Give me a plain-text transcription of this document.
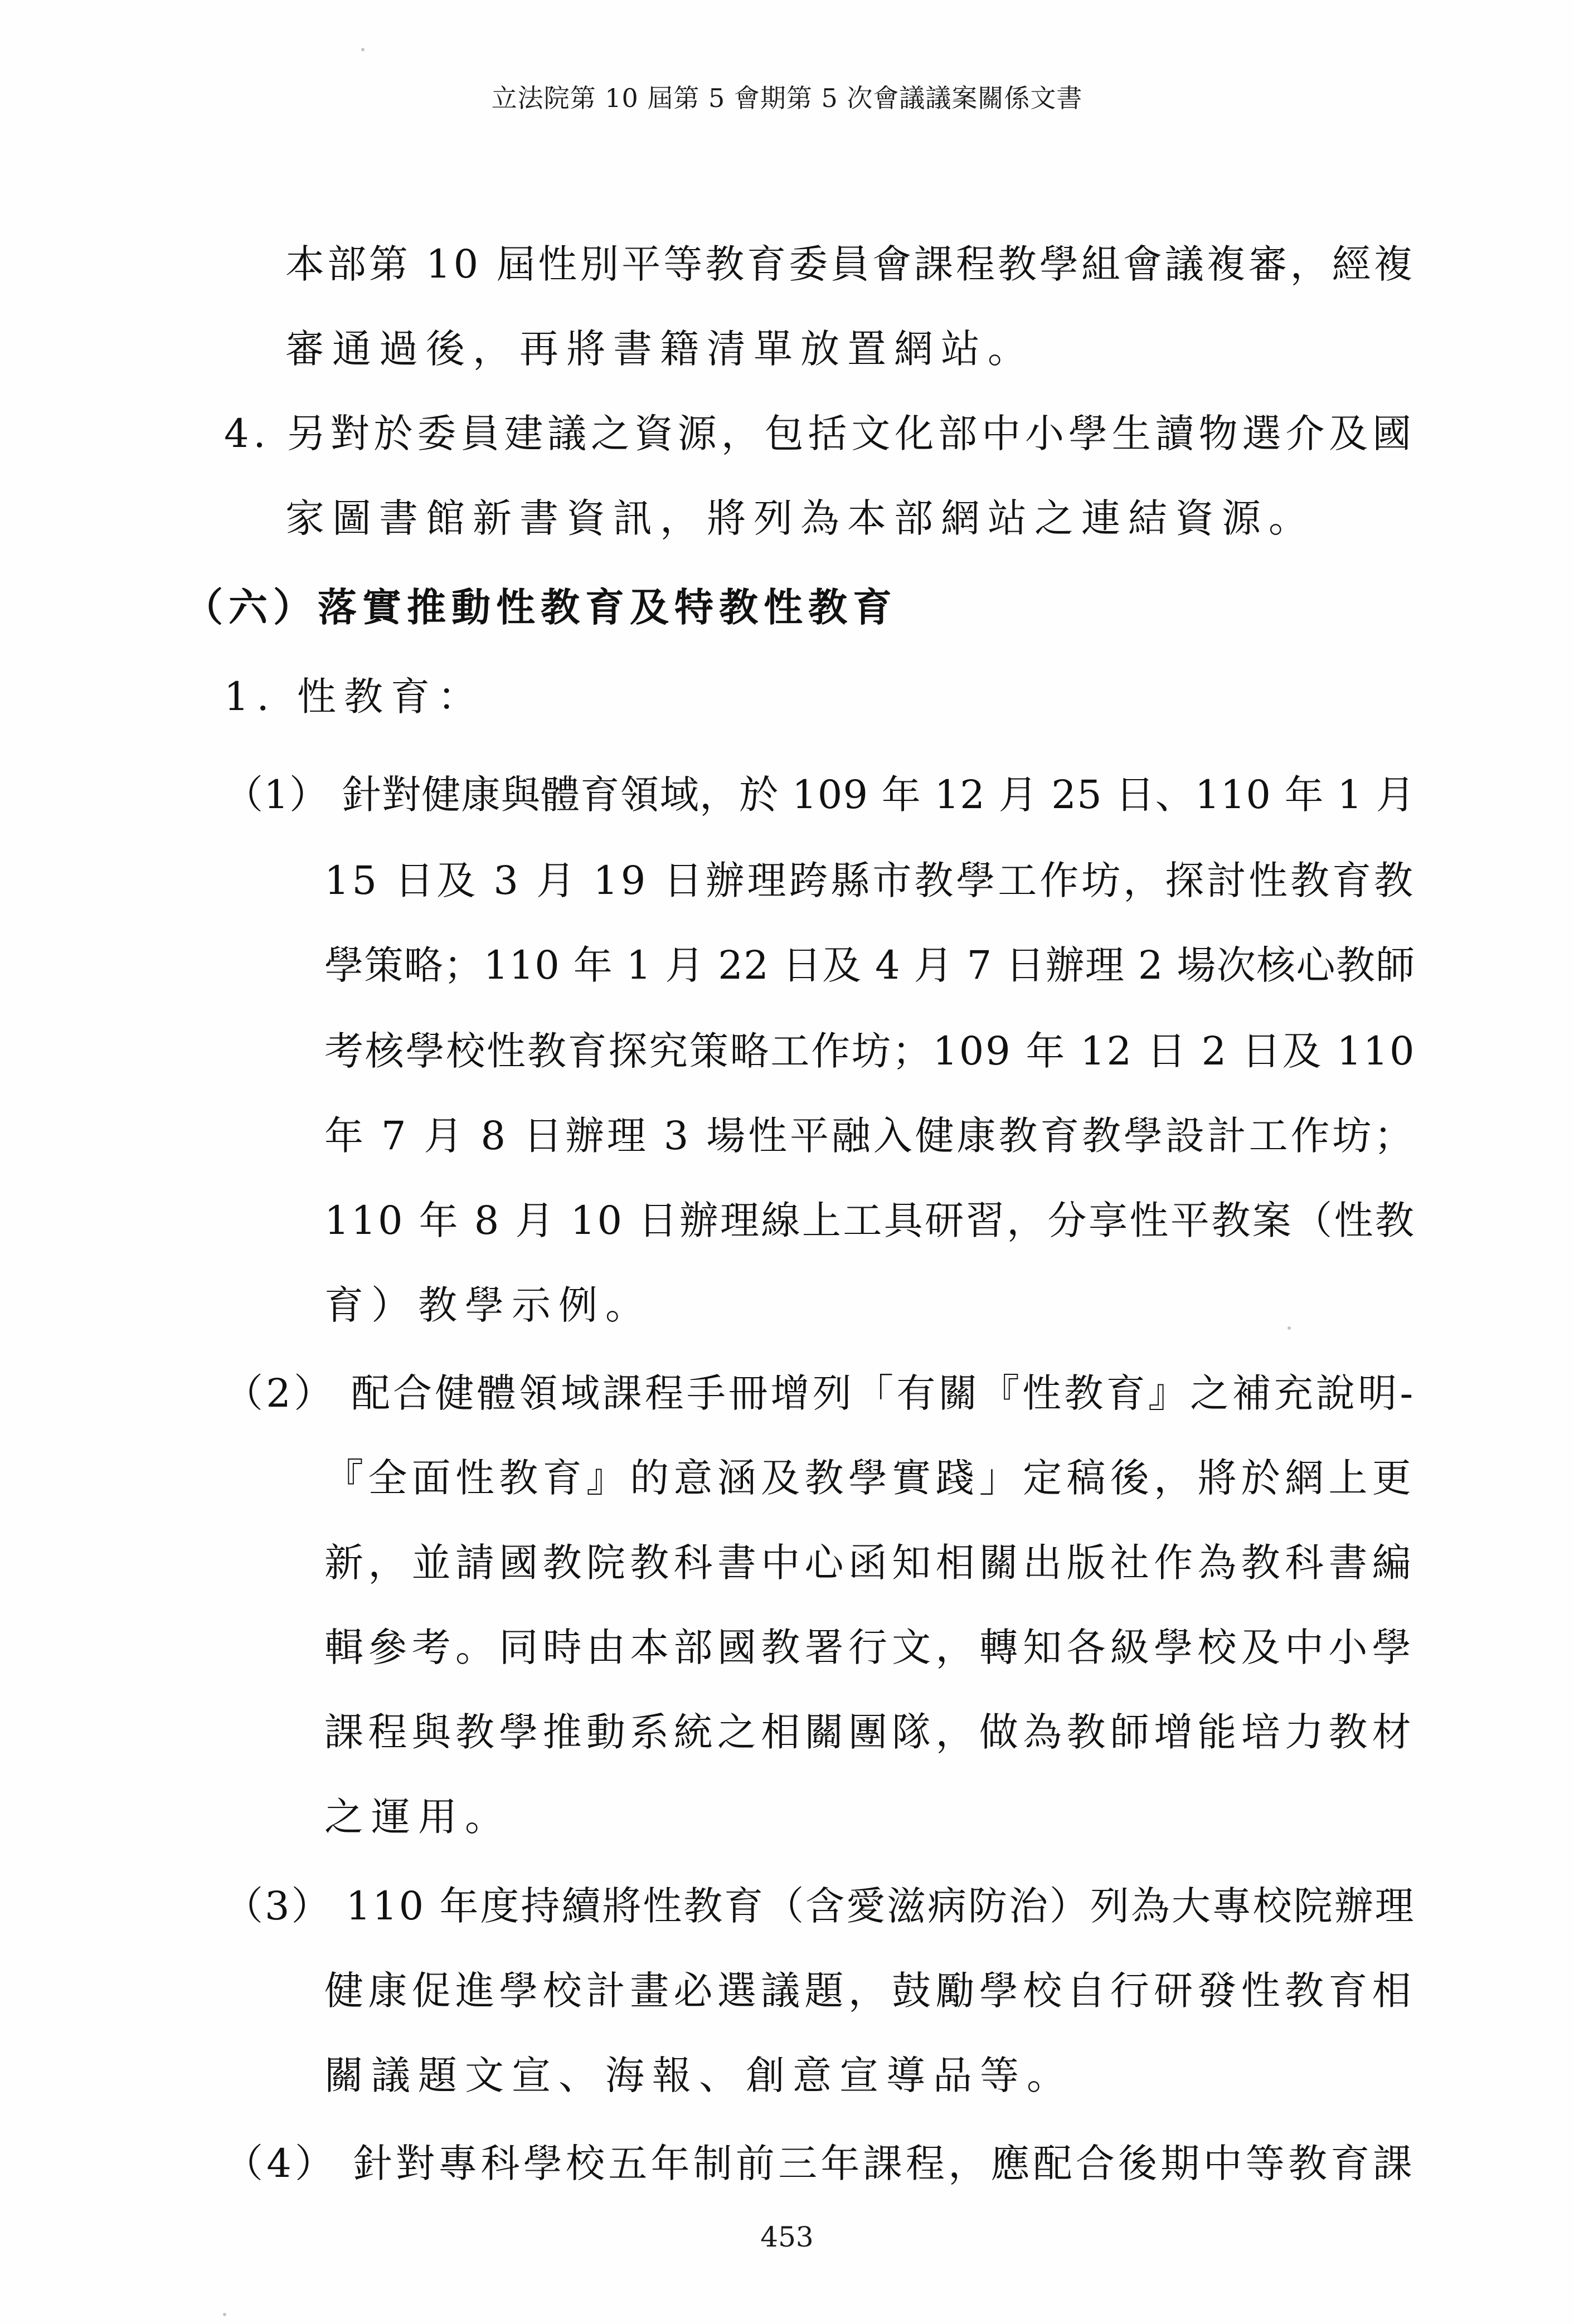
立法院第 10 屆第 5 會期第 5 次會議議案關係文書
本部第 10 屆性別平等教育委員會課程教學組會議複審，經複
審通過後，再將書籍清單放置網站。
4. 另對於委員建議之資源，包括文化部中小學生讀物選介及國
家圖書館新書資訊，將列為本部網站之連結資源。
（六）落實推動性教育及特教性教育
1. 性教育：
（1） 針對健康與體育領域，於 109 年 12 月 25 日、110 年 1 月
15 日及 3 月 19 日辦理跨縣市教學工作坊，探討性教育教
學策略；110 年 1 月 22 日及 4 月 7 日辦理 2 場次核心教師
考核學校性教育探究策略工作坊；109 年 12 日 2 日及 110
年 7 月 8 日辦理 3 場性平融入健康教育教學設計工作坊；
110 年 8 月 10 日辦理線上工具研習，分享性平教案（性教
育）教學示例。
（2） 配合健體領域課程手冊增列「有關『性教育』之補充說明-
『全面性教育』的意涵及教學實踐」定稿後，將於網上更
新，並請國教院教科書中心函知相關出版社作為教科書編
輯參考。同時由本部國教署行文，轉知各級學校及中小學
課程與教學推動系統之相關團隊，做為教師增能培力教材
之運用。
（3） 110 年度持續將性教育（含愛滋病防治）列為大專校院辦理
健康促進學校計畫必選議題，鼓勵學校自行研發性教育相
關議題文宣、海報、創意宣導品等。
（4） 針對專科學校五年制前三年課程，應配合後期中等教育課
453
